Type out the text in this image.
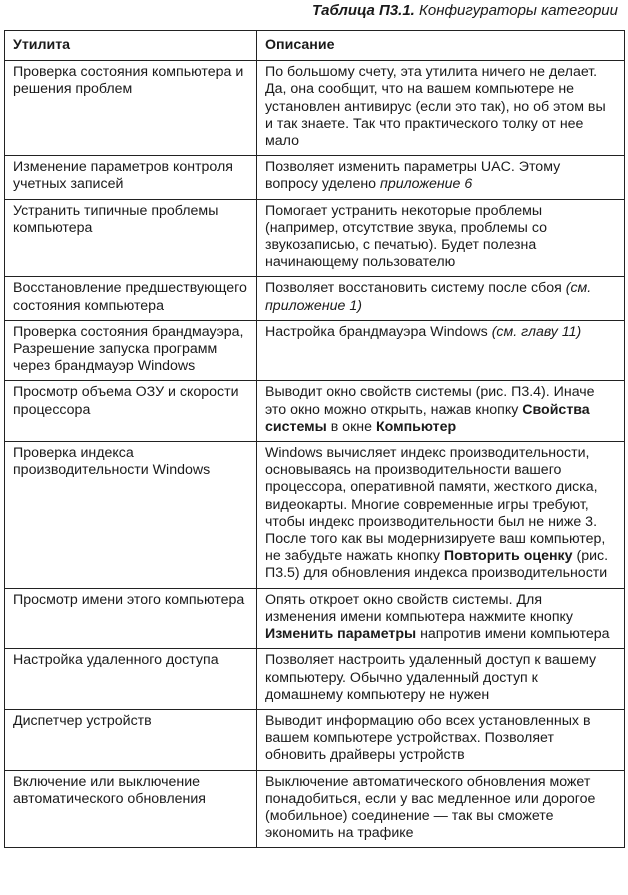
Таблица П3.1. Конфигураторы категории
Утилита	Описание
Проверка состояния компьютера и решения проблем	По большому счету, эта утилита ничего не делает. Да, она сообщит, что на вашем компьютере не установлен антивирус (если это так), но об этом вы и так знаете. Так что практического толку от нее мало
Изменение параметров контроля учетных записей	Позволяет изменить параметры UAC. Этому вопросу уделено приложение 6
Устранить типичные проблемы компьютера	Помогает устранить некоторые проблемы (например, отсутствие звука, проблемы со звукозаписью, с печатью). Будет полезна начинающему пользователю
Восстановление предшествующего состояния компьютера	Позволяет восстановить систему после сбоя (см. приложение 1)
Проверка состояния брандмауэра, Разрешение запуска программ через брандмауэр Windows	Настройка брандмауэра Windows (см. главу 11)
Просмотр объема ОЗУ и скорости процессора	Выводит окно свойств системы (рис. П3.4). Иначе это окно можно открыть, нажав кнопку Свойства системы в окне Компьютер
Проверка индекса производительности Windows	Windows вычисляет индекс производительности, основываясь на производительности вашего процессора, оперативной памяти, жесткого диска, видеокарты. Многие современные игры требуют, чтобы индекс производительности был не ниже 3. После того как вы модернизируете ваш компьютер, не забудьте нажать кнопку Повторить оценку (рис. П3.5) для обновления индекса производительности
Просмотр имени этого компьютера	Опять откроет окно свойств системы. Для изменения имени компьютера нажмите кнопку Изменить параметры напротив имени компьютера
Настройка удаленного доступа	Позволяет настроить удаленный доступ к вашему компьютеру. Обычно удаленный доступ к домашнему компьютеру не нужен
Диспетчер устройств	Выводит информацию обо всех установленных в вашем компьютере устройствах. Позволяет обновить драйверы устройств
Включение или выключение автоматического обновления	Выключение автоматического обновления может понадобиться, если у вас медленное или дорогое (мобильное) соединение — так вы сможете экономить на трафике
